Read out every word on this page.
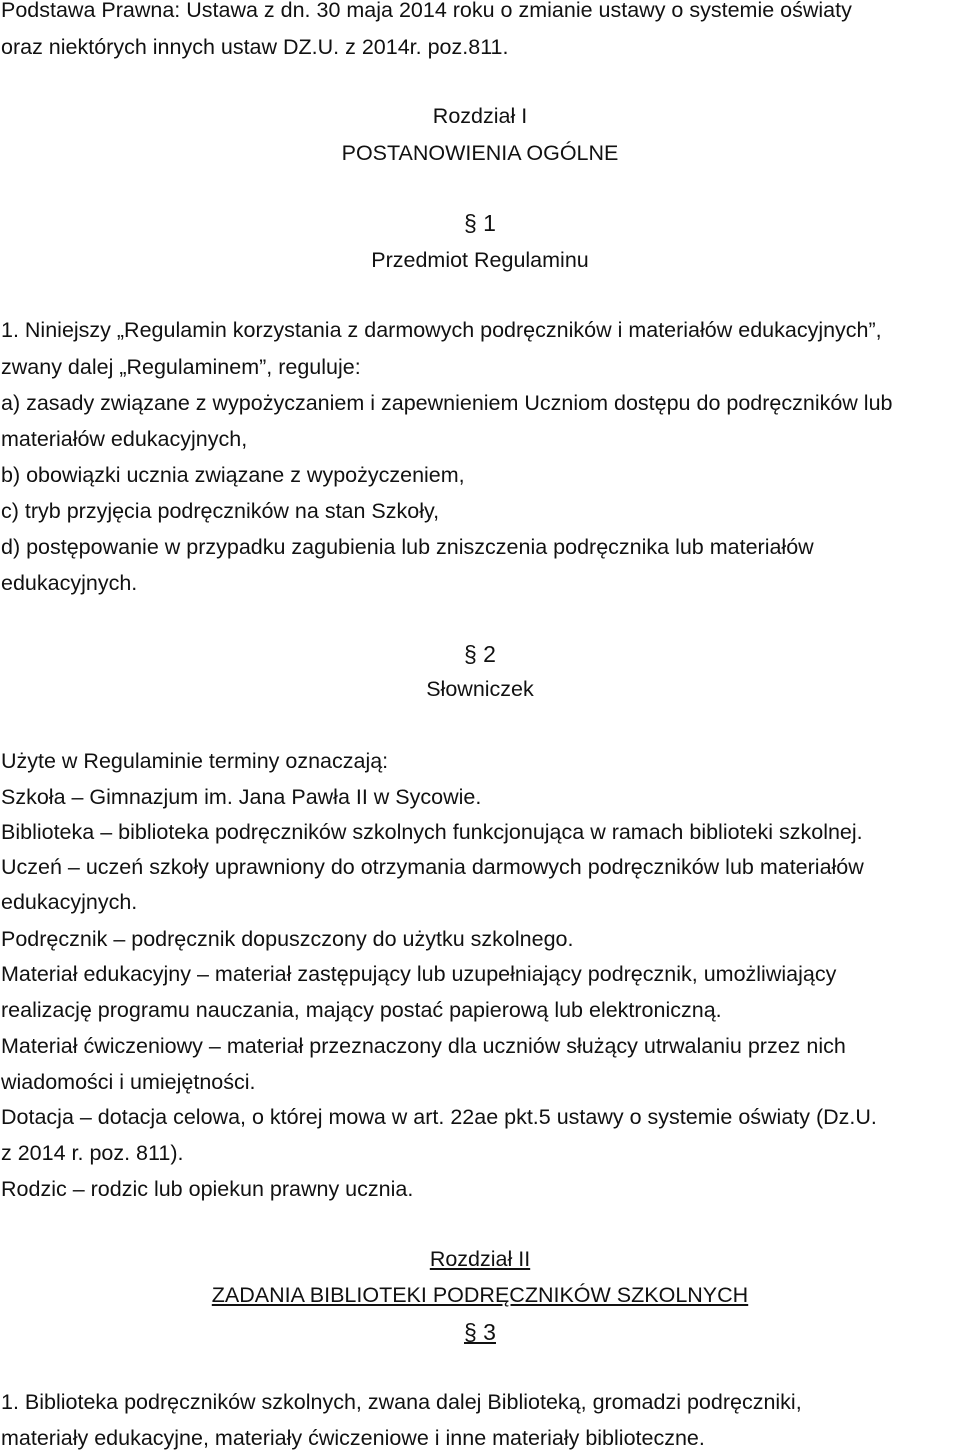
Podstawa Prawna: Ustawa z dn. 30 maja 2014 roku o zmianie ustawy o systemie oświaty
oraz niektórych innych ustaw DZ.U. z 2014r. poz.811.
Rozdział I
POSTANOWIENIA OGÓLNE
§ 1
Przedmiot Regulaminu
1. Niniejszy „Regulamin korzystania z darmowych podręczników i materiałów edukacyjnych”,
zwany dalej „Regulaminem”, reguluje:
a) zasady związane z wypożyczaniem i zapewnieniem Uczniom dostępu do podręczników lub
materiałów edukacyjnych,
b) obowiązki ucznia związane z wypożyczeniem,
c) tryb przyjęcia podręczników na stan Szkoły,
d) postępowanie w przypadku zagubienia lub zniszczenia podręcznika lub materiałów
edukacyjnych.
§ 2
Słowniczek
Użyte w Regulaminie terminy oznaczają:
Szkoła – Gimnazjum im. Jana Pawła II w Sycowie.
Biblioteka – biblioteka podręczników szkolnych funkcjonująca w ramach biblioteki szkolnej.
Uczeń – uczeń szkoły uprawniony do otrzymania darmowych podręczników lub materiałów
edukacyjnych.
Podręcznik – podręcznik dopuszczony do użytku szkolnego.
Materiał edukacyjny – materiał zastępujący lub uzupełniający podręcznik, umożliwiający
realizację programu nauczania, mający postać papierową lub elektroniczną.
Materiał ćwiczeniowy – materiał przeznaczony dla uczniów służący utrwalaniu przez nich
wiadomości i umiejętności.
Dotacja – dotacja celowa, o której mowa w art. 22ae pkt.5 ustawy o systemie oświaty (Dz.U.
z 2014 r. poz. 811).
Rodzic – rodzic lub opiekun prawny ucznia.
Rozdział II
ZADANIA BIBLIOTEKI PODRĘCZNIKÓW SZKOLNYCH
§ 3
1. Biblioteka podręczników szkolnych, zwana dalej Biblioteką, gromadzi podręczniki,
materiały edukacyjne, materiały ćwiczeniowe i inne materiały biblioteczne.
